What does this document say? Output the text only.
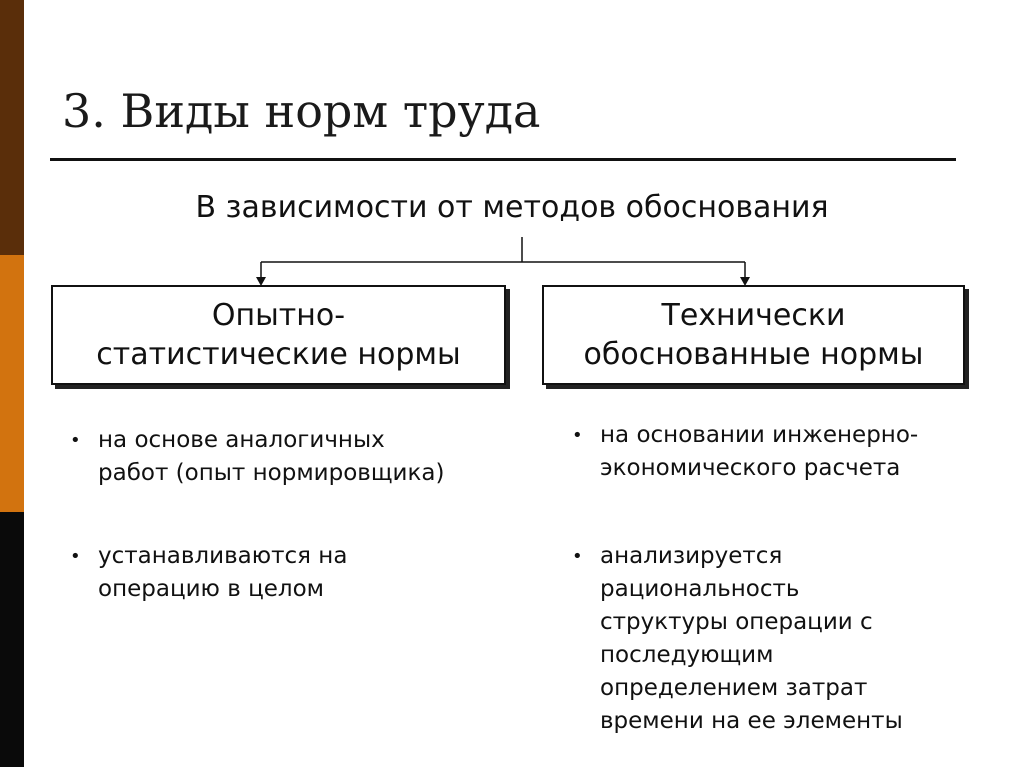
3. Виды норм труда
В зависимости от методов обоснования
Опытно-
статистические нормы
Технически
обоснованные нормы
• на основе аналогичных
работ (опыт нормировщика)
• устанавливаются на
операцию в целом
• на основании инженерно-
экономического расчета
• анализируется
рациональность
структуры операции с
последующим
определением затрат
времени на ее элементы
